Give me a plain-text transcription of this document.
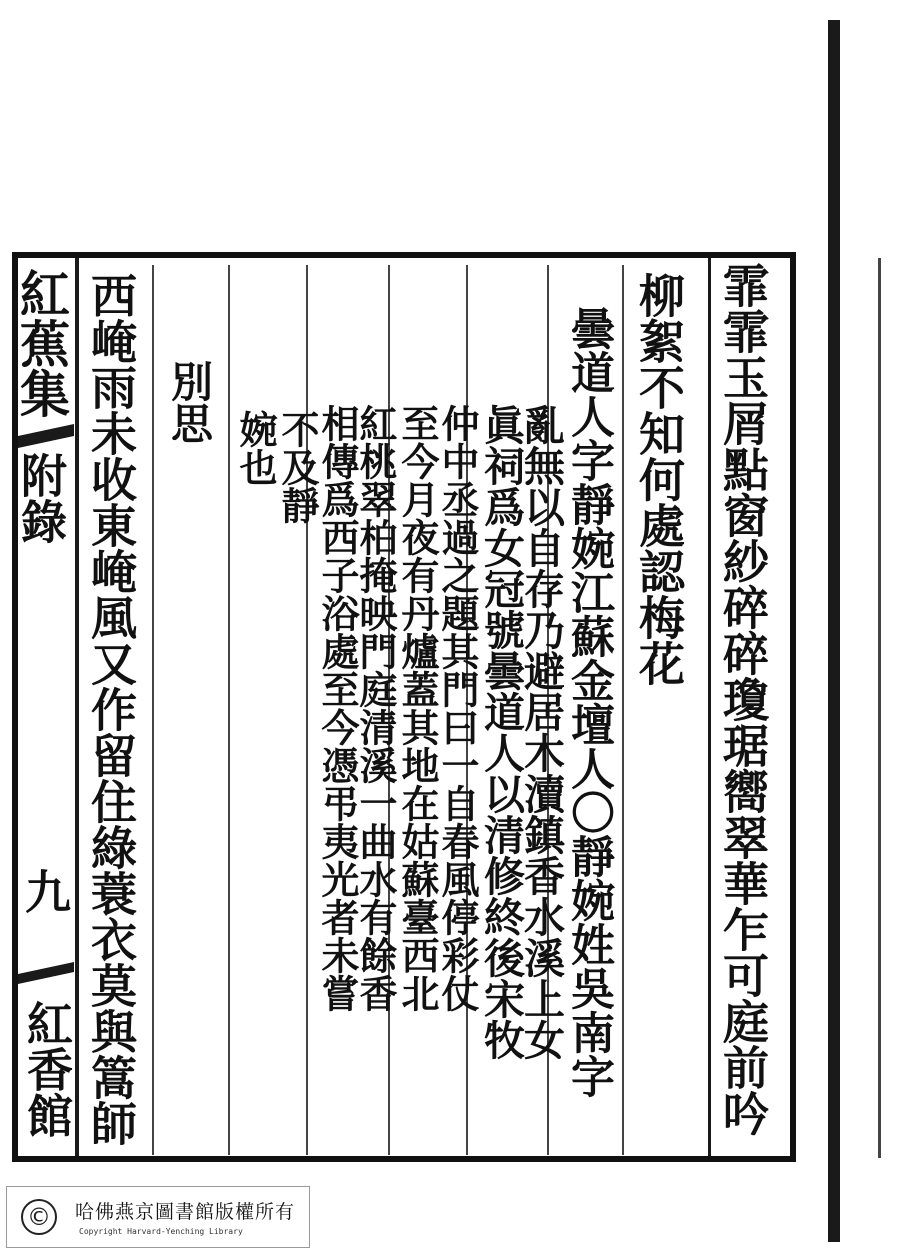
紅蕉集
附錄
九
紅香館	霏霏玉屑點窗紗碎碎瓊琚嚮翠華乍可庭前吟
柳絮不知何處認梅花
曇道人字靜婉江蘇金壇人〇靜婉姓吳南字
亂無以自存乃避居木瀆鎮香水溪上女
眞祠爲女冠號曇道人以清修終後宋牧
仲中丞過之題其門曰一自春風停彩仗
至今月夜有丹爐蓋其地在姑蘇臺西北
紅桃翠柏掩映門庭清溪一曲水有餘香
相傳爲西子浴處至今憑弔夷光者未嘗
不及靜
婉也
別思
西崦雨未收東崦風又作留住綠蓑衣莫與篙師
©	哈佛燕京圖書館版權所有
Copyright Harvard-Yenching Library
